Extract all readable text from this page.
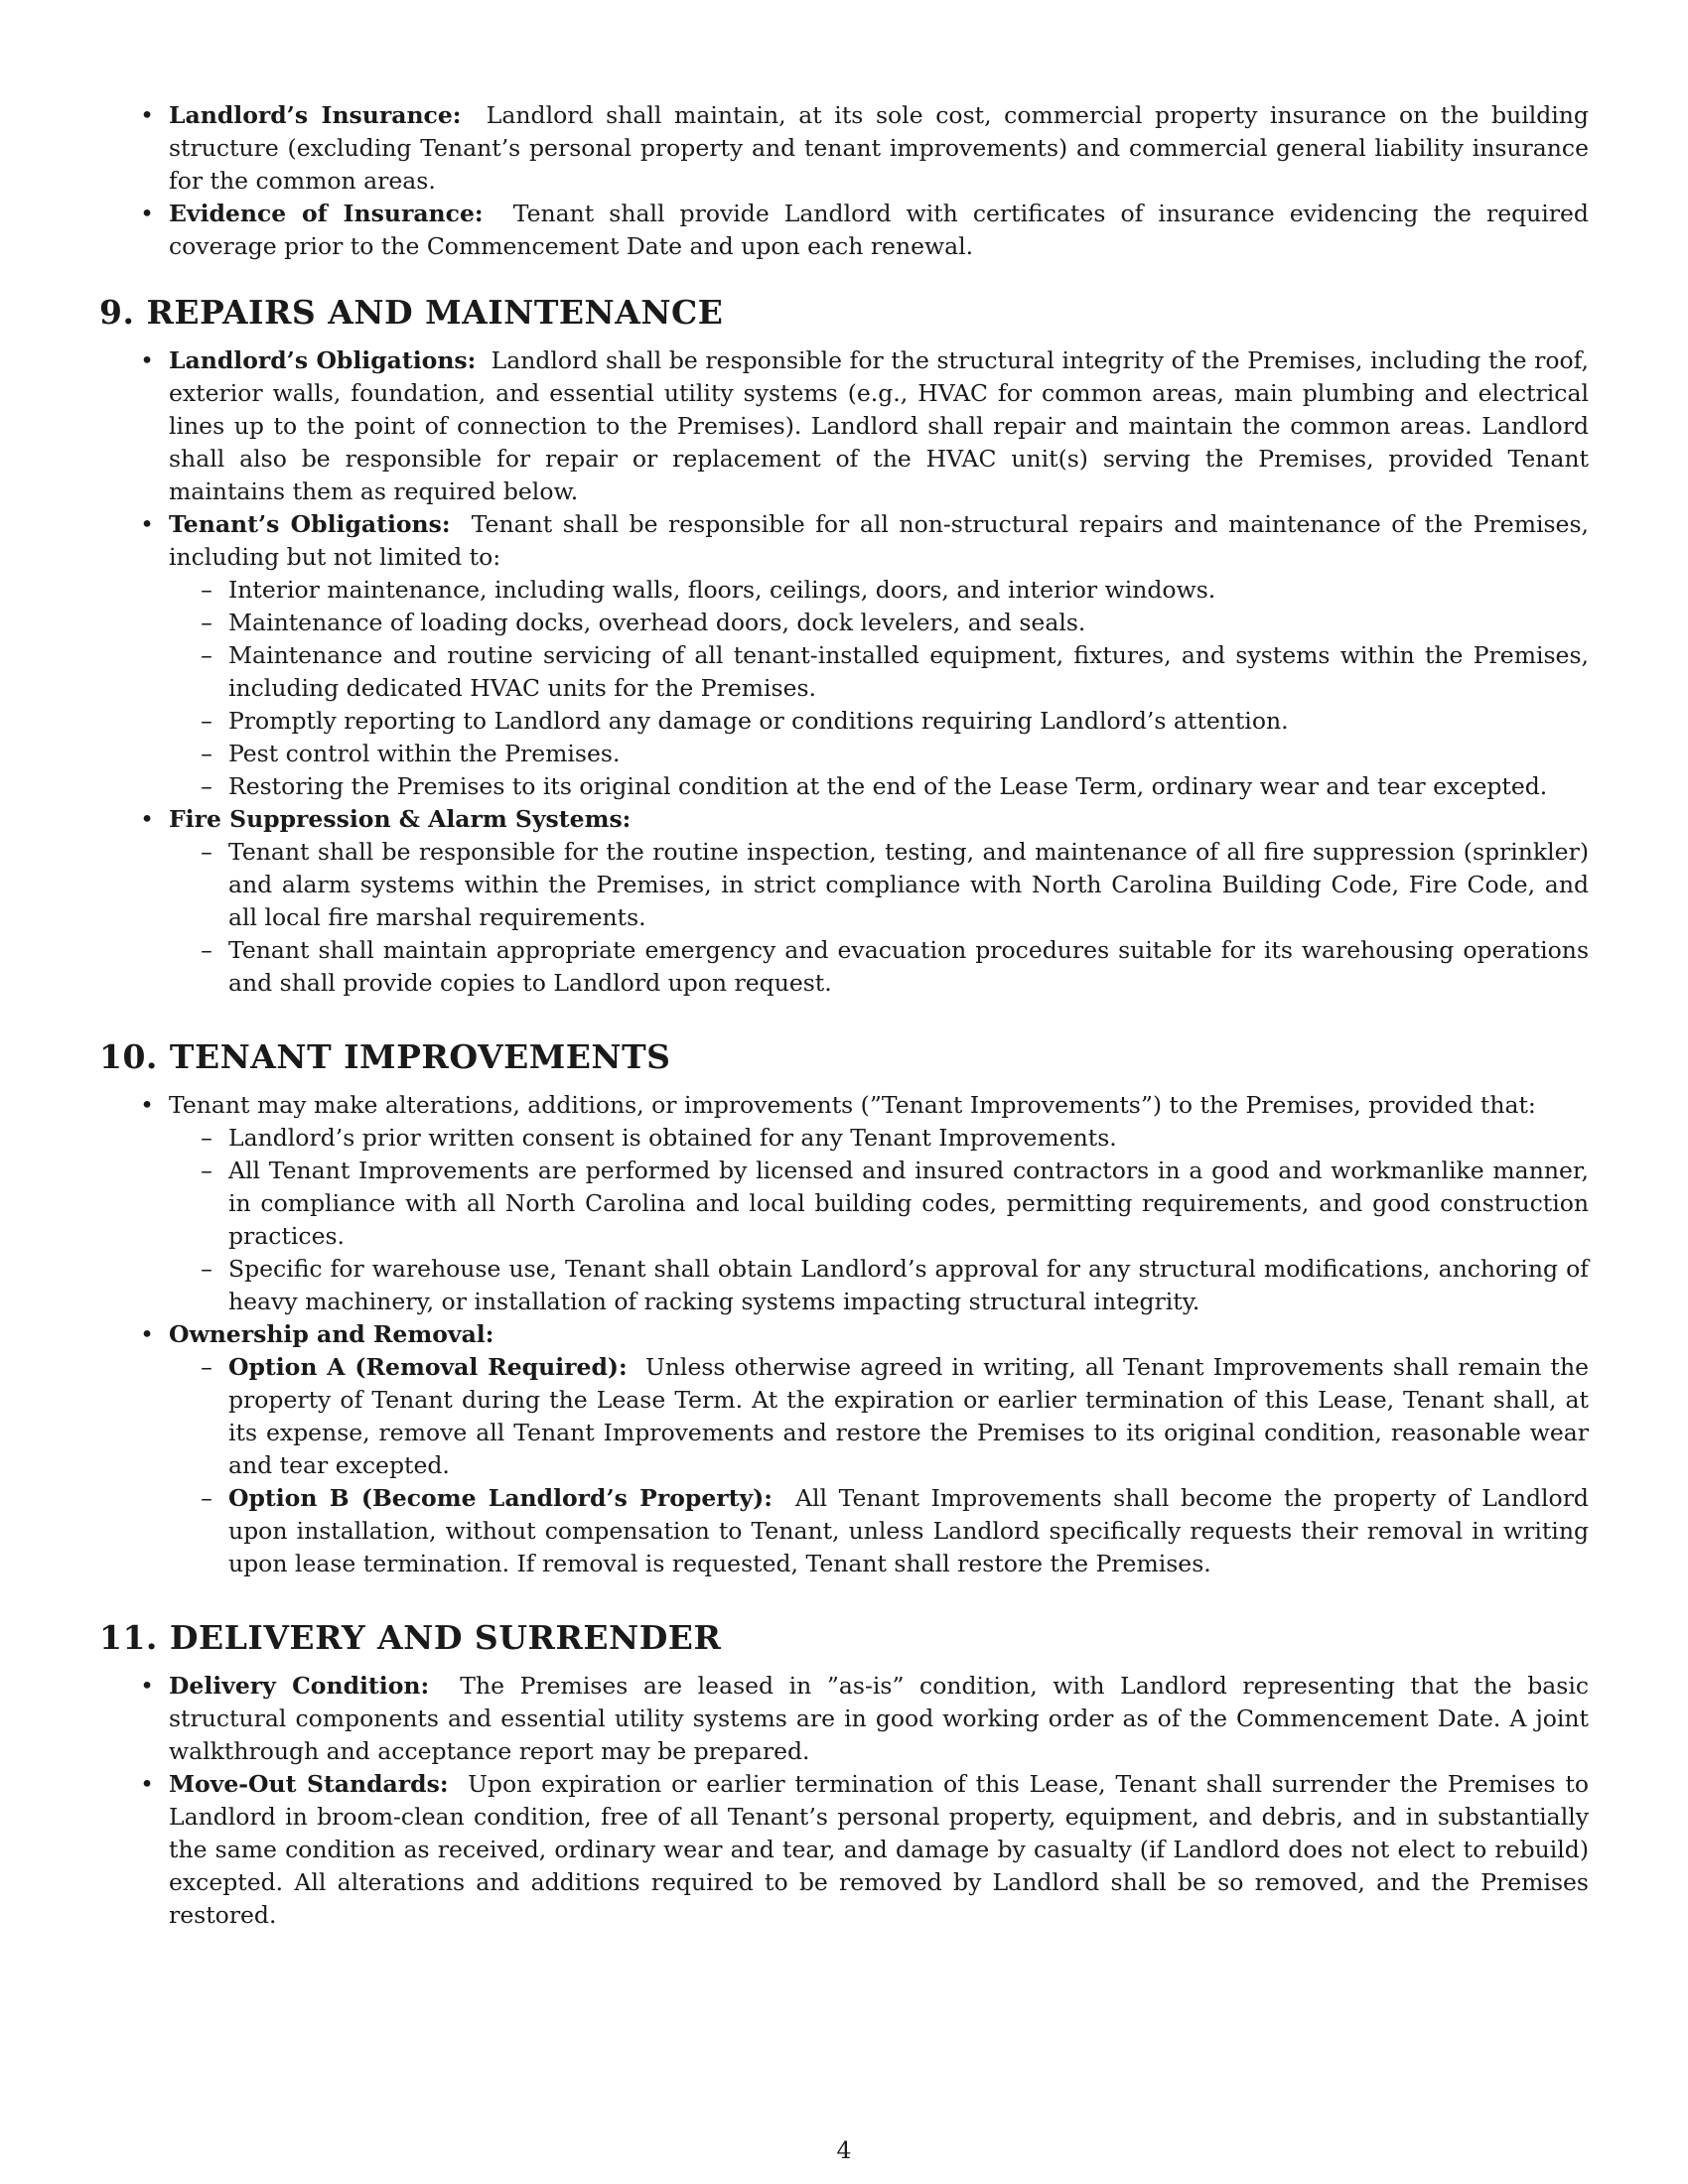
• Landlord’s Insurance: Landlord shall maintain, at its sole cost, commercial property insurance on the building structure (excluding Tenant’s personal property and tenant improvements) and commercial general liability insurance for the common areas.
• Evidence of Insurance: Tenant shall provide Landlord with certificates of insurance evidencing the required coverage prior to the Commencement Date and upon each renewal.
9. REPAIRS AND MAINTENANCE
• Landlord’s Obligations: Landlord shall be responsible for the structural integrity of the Premises, including the roof, exterior walls, foundation, and essential utility systems (e.g., HVAC for common areas, main plumbing and electrical lines up to the point of connection to the Premises). Landlord shall repair and maintain the common areas. Landlord shall also be responsible for repair or replacement of the HVAC unit(s) serving the Premises, provided Tenant maintains them as required below.
• Tenant’s Obligations: Tenant shall be responsible for all non-structural repairs and maintenance of the Premises, including but not limited to:
– Interior maintenance, including walls, floors, ceilings, doors, and interior windows.
– Maintenance of loading docks, overhead doors, dock levelers, and seals.
– Maintenance and routine servicing of all tenant-installed equipment, fixtures, and systems within the Premises, including dedicated HVAC units for the Premises.
– Promptly reporting to Landlord any damage or conditions requiring Landlord’s attention.
– Pest control within the Premises.
– Restoring the Premises to its original condition at the end of the Lease Term, ordinary wear and tear excepted.
• Fire Suppression & Alarm Systems:
– Tenant shall be responsible for the routine inspection, testing, and maintenance of all fire suppression (sprinkler) and alarm systems within the Premises, in strict compliance with North Carolina Building Code, Fire Code, and all local fire marshal requirements.
– Tenant shall maintain appropriate emergency and evacuation procedures suitable for its warehousing operations and shall provide copies to Landlord upon request.
10. TENANT IMPROVEMENTS
• Tenant may make alterations, additions, or improvements (”Tenant Improvements”) to the Premises, provided that:
– Landlord’s prior written consent is obtained for any Tenant Improvements.
– All Tenant Improvements are performed by licensed and insured contractors in a good and workmanlike manner, in compliance with all North Carolina and local building codes, permitting requirements, and good construction practices.
– Specific for warehouse use, Tenant shall obtain Landlord’s approval for any structural modifications, anchoring of heavy machinery, or installation of racking systems impacting structural integrity.
• Ownership and Removal:
– Option A (Removal Required): Unless otherwise agreed in writing, all Tenant Improvements shall remain the property of Tenant during the Lease Term. At the expiration or earlier termination of this Lease, Tenant shall, at its expense, remove all Tenant Improvements and restore the Premises to its original condition, reasonable wear and tear excepted.
– Option B (Become Landlord’s Property): All Tenant Improvements shall become the property of Landlord upon installation, without compensation to Tenant, unless Landlord specifically requests their removal in writing upon lease termination. If removal is requested, Tenant shall restore the Premises.
11. DELIVERY AND SURRENDER
• Delivery Condition: The Premises are leased in ”as-is” condition, with Landlord representing that the basic structural components and essential utility systems are in good working order as of the Commencement Date. A joint walkthrough and acceptance report may be prepared.
• Move-Out Standards: Upon expiration or earlier termination of this Lease, Tenant shall surrender the Premises to Landlord in broom-clean condition, free of all Tenant’s personal property, equipment, and debris, and in substantially the same condition as received, ordinary wear and tear, and damage by casualty (if Landlord does not elect to rebuild) excepted. All alterations and additions required to be removed by Landlord shall be so removed, and the Premises restored.
4
